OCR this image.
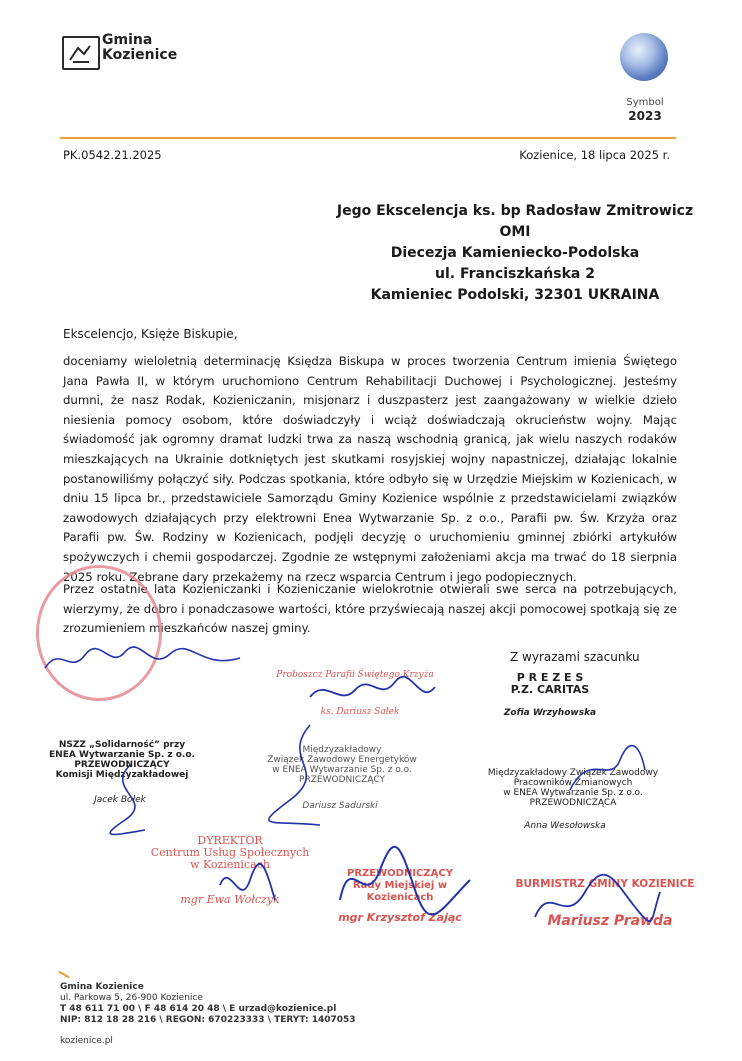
Gmina
Kozienice
Symbol
2023
PK.0542.21.2025	Kozienice, 18 lipca 2025 r.
Jego Ekscelencja ks. bp Radosław Zmitrowicz
OMI
Diecezja Kamieniecko-Podolska
ul. Franciszkańska 2
Kamieniec Podolski, 32301 UKRAINA
Ekscelencjo, Księże Biskupie,
doceniamy wieloletnią determinację Księdza Biskupa w proces tworzenia Centrum imienia Świętego Jana Pawła II, w którym uruchomiono Centrum Rehabilitacji Duchowej i Psychologicznej. Jesteśmy dumni, że nasz Rodak, Kozieniczanin, misjonarz i duszpasterz jest zaangażowany w wielkie dzieło niesienia pomocy osobom, które doświadczyły i wciąż doświadczają okrucieństw wojny. Mając świadomość jak ogromny dramat ludzki trwa za naszą wschodnią granicą, jak wielu naszych rodaków mieszkających na Ukrainie dotkniętych jest skutkami rosyjskiej wojny napastniczej, działając lokalnie postanowiliśmy połączyć siły. Podczas spotkania, które odbyło się w Urzędzie Miejskim w Kozienicach, w dniu 15 lipca br., przedstawiciele Samorządu Gminy Kozienice wspólnie z przedstawicielami związków zawodowych działających przy elektrowni Enea Wytwarzanie Sp. z o.o., Parafii pw. Św. Krzyża oraz Parafii pw. Św. Rodziny w Kozienicach, podjęli decyzję o uruchomieniu gminnej zbiórki artykułów spożywczych i chemii gospodarczej. Zgodnie ze wstępnymi założeniami akcja ma trwać do 18 sierpnia 2025 roku. Zebrane dary przekażemy na rzecz wsparcia Centrum i jego podopiecznych.
Przez ostatnie lata Kozieniczanki i Kozieniczanie wielokrotnie otwierali swe serca na potrzebujących, wierzymy, że dobro i ponadczasowe wartości, które przyświecają naszej akcji pomocowej spotkają się ze zrozumieniem mieszkańców naszej gminy.
Z wyrazami szacunku
Proboszcz Parafii Świętego Krzyża
ks. Dariusz Sałek
P R E Z E S
P.Z. CARITAS
Zofia Wrzyhowska
NSZZ „Solidarność” przy
ENEA Wytwarzanie Sp. z o.o.
PRZEWODNICZĄCY
Komisji Międzyzakładowej
Jacek Bołek
Międzyzakładowy
Związek Zawodowy Energetyków
w ENEA Wytwarzanie Sp. z o.o.
PRZEWODNICZĄCY
Dariusz Sadurski
Międzyzakładowy Związek Zawodowy
Pracowników Zmianowych
w ENEA Wytwarzanie Sp. z o.o.
PRZEWODNICZĄCA
Anna Wesołowska
DYREKTOR
Centrum Usług Społecznych
w Kozienicach
mgr Ewa Wołczyk
PRZEWODNICZĄCY
Rady Miejskiej w Kozienicach
mgr Krzysztof Zając
BURMISTRZ GMINY KOZIENICE
Mariusz Prawda
Gmina Kozienice
ul. Parkowa 5, 26-900 Kozienice
T 48 611 71 00 \ F 48 614 20 48 \ E urzad@kozienice.pl
NIP: 812 18 28 216 \ REGON: 670223333 \ TERYT: 1407053
kozienice.pl
